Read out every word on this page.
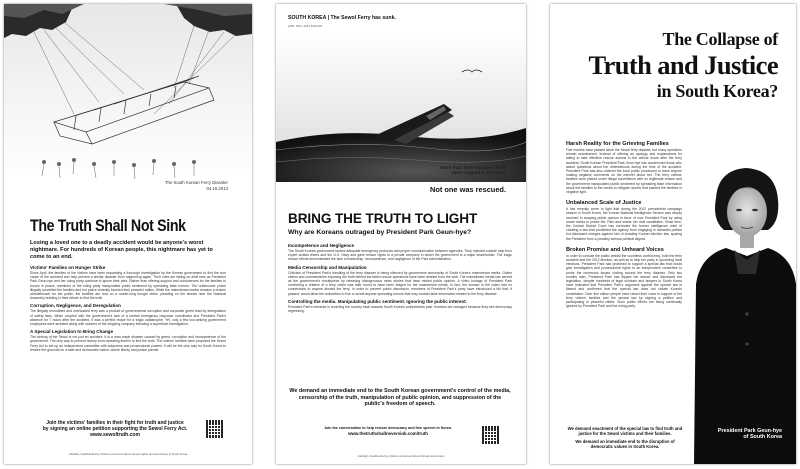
The South Korean Ferry Disaster
04.16.2014
The Truth Shall Not Sink
Losing a loved one to a deadly accident would be anyone's worst nightmare. For hundreds of Korean people, this nightmare has yet to come to an end.
Victims' Families on Hunger Strike
Since April, the families of the victims have been requesting a thorough investigation by the Korean government to find the true cause of the accident and help prevent a similar disaster from happening again. Their cries are falling on deaf ears as President Park Geun-hye and her ruling party continue to ignore their plea. Rather than offering support and condolences for the families to mourn in peace, members of the ruling party manipulated public sentiment by spreading false rumors. The undercover police illegally surveilled the families and riot police violently blocked their peaceful rallies. While the mainstream media remains a broken whistleblower for the public, the families are now on a month-long hunger strike, pleading on the streets near the National Assembly building in their efforts to find the truth.
Corruption, Negligence, and Deregulation
The illegally remodeled and overloaded ferry was a product of governmental corruption and corporate greed lead by deregulation of safety laws. When coupled with the government's lack of a central emergency response coordinator and President Park's absence for 7 hours after the accident, it was a perfect recipe for a tragic catastrophe. Yet, only a few low-ranking government employees were arrested along with workers of the shipping company following a superficial investigation.
A Special Legislation to Bring Change
The sinking of the Sewol is not just an accident. It is a man-made disaster caused by greed, corruption and incompetence of the government. The only way to prevent history from repeating itself is to find the truth. The victims' families have proposed the Sewol Ferry Act to set up an independent committee with subpoena and prosecutorial powers. It will be the only way for South Korea to restore the grounds for a safe and democratic nation, where liberty and justice prevail.
Join the victims' families in their fight for truth and justice
by signing an online petition supporting the Sewol Ferry Act.
www.sewoltruth.com
Globally crowdfunded by citizens concerned about human rights and democracy in South Korea
SOUTH KOREA | The Sewol Ferry has sunk.
APR. 16th, 2014 8:48 AM
More than three hundred lives
were trapped in the ferry.
Not one was rescued.
BRING THE TRUTH TO LIGHT
Why are Koreans outraged by President Park Geun-hye?
Incompetence and Negligence
The South Korean government lacked adequate emergency protocols and proper communication between agencies. They rejected outside help from expert civilian divers and the U.S. Navy and gave rescue rights to a private company in which the government is a major shareholder. The tragic rescue efforts demonstrated the lack of leadership, incompetence, and negligence of the Park Administration.
Media Censorship and Manipulation
Criticism of President Park's handling of the ferry disaster is being silenced by government censorship of South Korea's mainstream media. Online videos and commentaries exposing the truth behind the failed rescue operations have been deleted from the web. The mainstream media has served as the government's mouthpiece by releasing disingenuous news stories that have misled public opinion. A video footage of President Park comforting a relative of a ferry victim was later found to have been staged for the mainstream media. In fact, the woman in the video had no connections to anyone aboard the ferry. In order to prevent public discussion, members of President Park's party have introduced a bill that, if passed, would allow the authorities to fine or arrest anyone spreading rumors that may contain false information related to the ferry disaster.
Controlling the media. Manipulating public sentiment. Ignoring the public interest.
President Park's behavior is reverting the country back towards South Korea's authoritarian past. Koreans are outraged because they see democracy regressing.
We demand an immediate end to the South Korean government's control of the media, censorship of the truth, manipulation of public opinion, and suppression of the public's freedom of speech.
Join the conversation to help restore democracy and free speech in Korea.
www.thetruthshallneversink.com/truth
Globally crowdfunded by citizens concerned about Korean democracy
The Collapse of
Truth and Justice
in South Korea?
Harsh Reality for the Grieving Families
Five months have passed since the Sewol ferry disaster, but many questions remain unanswered. Instead of offering an apology and explanations for failing to take effective rescue actions in the critical hours after the ferry accident, South Korean President Park Geun-hye has condemned those who asked questions about her whereabouts during the time of the accident. President Park has also ordered the local public prosecutor to track anyone making negative comments on the internet about her. The ferry victims' families were placed under illegal surveillance with no legitimate reason and the government manipulated public sentiment by spreading false information about the families to the media to mitigate reports that painted the families in negative light.
Unbalanced Scale of Justice
It has recently come to light that during the 2012 presidential campaign season in South Korea, the Korean National Intelligence Service was deeply involved in swaying public opinion in favor of now President Park by using social media to praise Ms. Park and smear her rival candidates. Since then, the Central District Court has convicted the former intelligence chief of violating a law that prohibited the agency from engaging in domestic politics but dismissed charges against him of violating Korean election law, sparing the President from a possibly serious political stigma.
Broken Promise and Unheard Voices
In order to console the public amidst the countless controversy, both the ferry accident and the 2012 election, as well as to help her party in upcoming local elections, President Park had promised to support a special law that would give investigation and prosecutorial rights to an independent committee to probe the numerous issues circling around the ferry disaster. Only two months later, President Park has flipped her stance and dismissed the legislation, despite hundreds of legal scholars and lawyers in South Korea have indicated that President Park's argument against the special law is flawed and confirmed that the special law does not violate Korea's constitution. Over five million people have raised their voice in support of the ferry victims' families and the special law by signing a petition and participating in peaceful rallies. Such public efforts are being continually ignored by President Park and the ruling party.
We demand enactment of the special law to find truth and justice for the Sewol victims and their families.
We demand an immediate end to the disruption of democratic values in South Korea.
President Park Geun-hye
of South Korea
